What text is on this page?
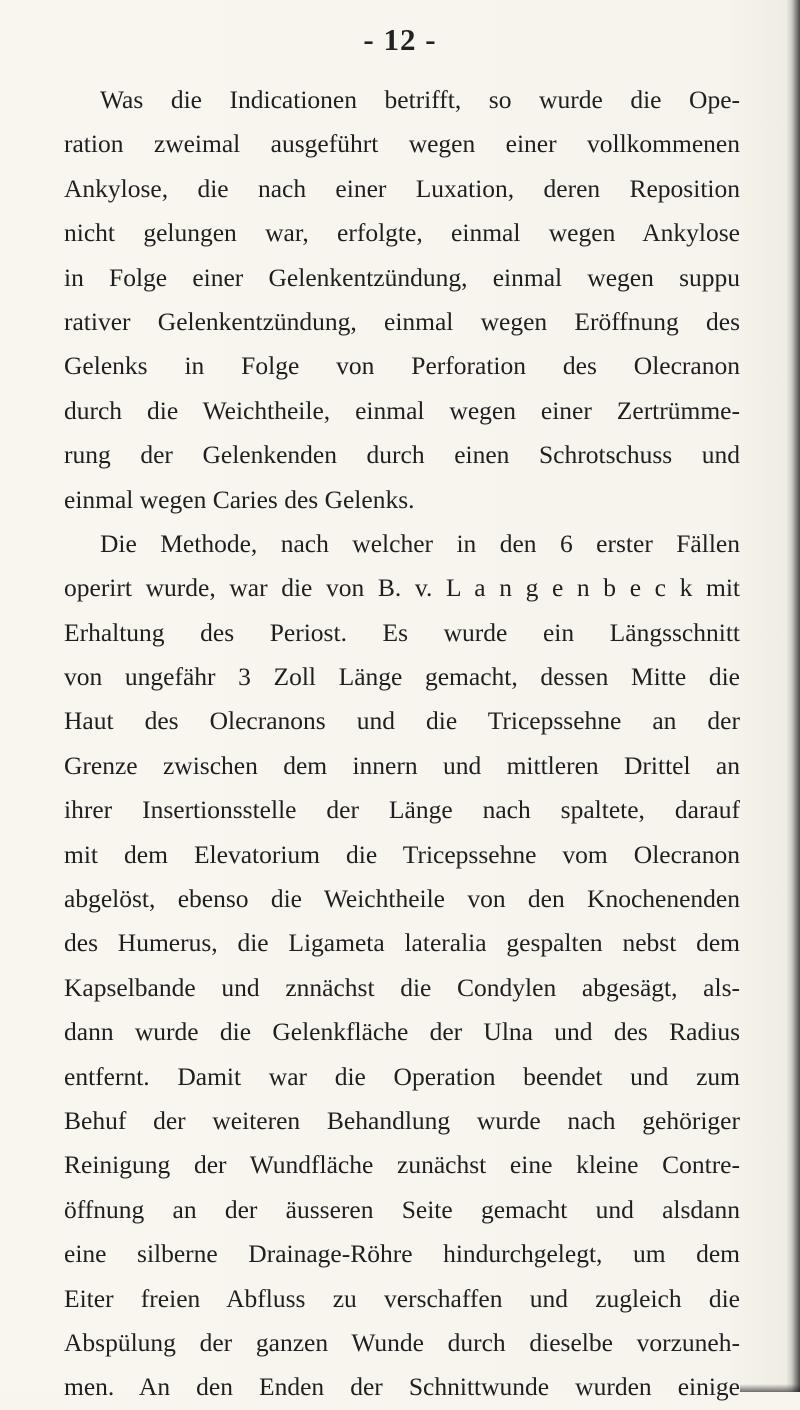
- 12 -
Was die Indicationen betrifft, so wurde die Ope-
ration zweimal ausgeführt wegen einer vollkommenen
Ankylose, die nach einer Luxation, deren Reposition
nicht gelungen war, erfolgte, einmal wegen Ankylose
in Folge einer Gelenkentzündung, einmal wegen suppu
rativer Gelenkentzündung, einmal wegen Eröffnung des
Gelenks in Folge von Perforation des Olecranon
durch die Weichtheile, einmal wegen einer Zertrümme-
rung der Gelenkenden durch einen Schrotschuss und
einmal wegen Caries des Gelenks.
Die Methode, nach welcher in den 6 erster Fällen
operirt wurde, war die von B. v. L a n g e n b e c k mit
Erhaltung des Periost. Es wurde ein Längsschnitt
von ungefähr 3 Zoll Länge gemacht, dessen Mitte die
Haut des Olecranons und die Tricepssehne an der
Grenze zwischen dem innern und mittleren Drittel an
ihrer Insertionsstelle der Länge nach spaltete, darauf
mit dem Elevatorium die Tricepssehne vom Olecranon
abgelöst, ebenso die Weichtheile von den Knochenenden
des Humerus, die Ligameta lateralia gespalten nebst dem
Kapselbande und znnächst die Condylen abgesägt, als-
dann wurde die Gelenkfläche der Ulna und des Radius
entfernt. Damit war die Operation beendet und zum
Behuf der weiteren Behandlung wurde nach gehöriger
Reinigung der Wundfläche zunächst eine kleine Contre-
öffnung an der äusseren Seite gemacht und alsdann
eine silberne Drainage-Röhre hindurchgelegt, um dem
Eiter freien Abfluss zu verschaffen und zugleich die
Abspülung der ganzen Wunde durch dieselbe vorzuneh-
men. An den Enden der Schnittwunde wurden einige
